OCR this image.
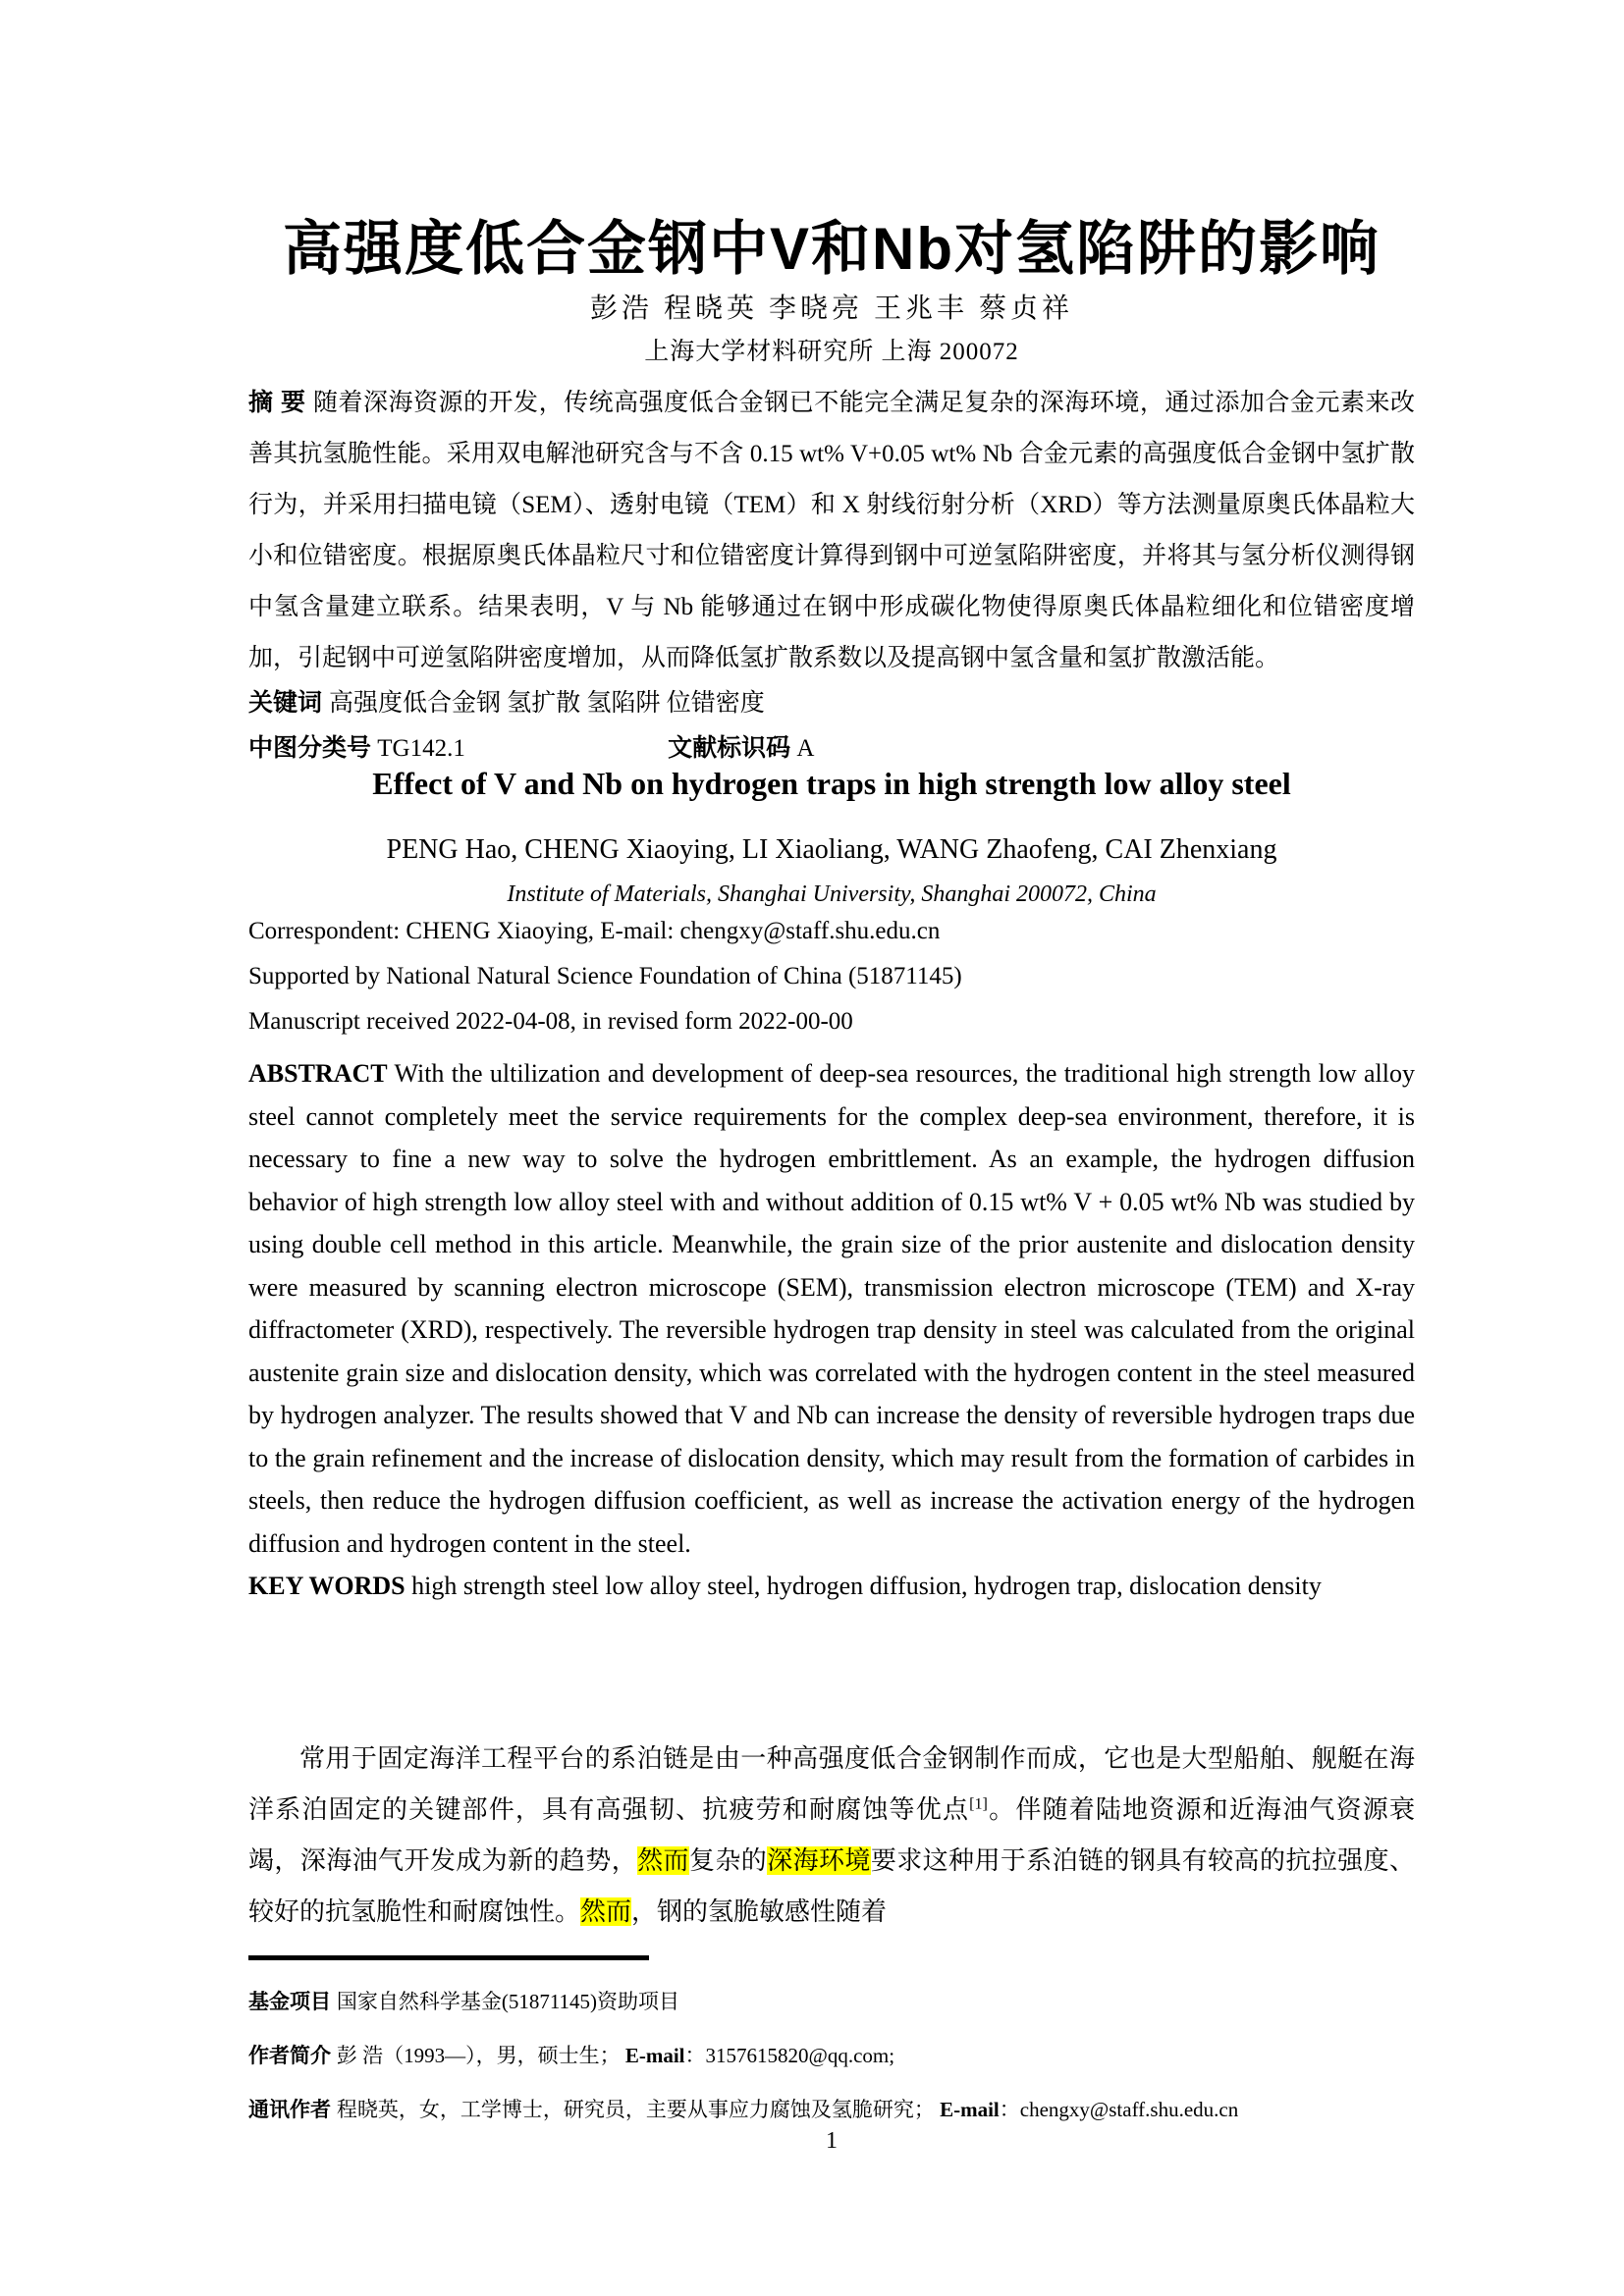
高强度低合金钢中V和Nb对氢陷阱的影响
彭浩 程晓英 李晓亮 王兆丰 蔡贞祥
上海大学材料研究所 上海 200072
摘 要 随着深海资源的开发，传统高强度低合金钢已不能完全满足复杂的深海环境，通过添加合金元素来改善其抗氢脆性能。采用双电解池研究含与不含 0.15 wt% V+0.05 wt% Nb 合金元素的高强度低合金钢中氢扩散行为，并采用扫描电镜（SEM）、透射电镜（TEM）和 X 射线衍射分析（XRD）等方法测量原奥氏体晶粒大小和位错密度。根据原奥氏体晶粒尺寸和位错密度计算得到钢中可逆氢陷阱密度，并将其与氢分析仪测得钢中氢含量建立联系。结果表明，V 与 Nb 能够通过在钢中形成碳化物使得原奥氏体晶粒细化和位错密度增加，引起钢中可逆氢陷阱密度增加，从而降低氢扩散系数以及提高钢中氢含量和氢扩散激活能。
关键词 高强度低合金钢 氢扩散 氢陷阱 位错密度
中图分类号 TG142.1	文献标识码 A
Effect of V and Nb on hydrogen traps in high strength low alloy steel
PENG Hao, CHENG Xiaoying, LI Xiaoliang, WANG Zhaofeng, CAI Zhenxiang
Institute of Materials, Shanghai University, Shanghai 200072, China
Correspondent: CHENG Xiaoying, E-mail: chengxy@staff.shu.edu.cn
Supported by National Natural Science Foundation of China (51871145)
Manuscript received 2022-04-08, in revised form 2022-00-00

ABSTRACT With the ultilization and development of deep-sea resources, the traditional high strength low alloy steel cannot completely meet the service requirements for the complex deep-sea environment, therefore, it is necessary to fine a new way to solve the hydrogen embrittlement. As an example, the hydrogen diffusion behavior of high strength low alloy steel with and without addition of 0.15 wt% V + 0.05 wt% Nb was studied by using double cell method in this article. Meanwhile, the grain size of the prior austenite and dislocation density were measured by scanning electron microscope (SEM), transmission electron microscope (TEM) and X-ray diffractometer (XRD), respectively. The reversible hydrogen trap density in steel was calculated from the original austenite grain size and dislocation density, which was correlated with the hydrogen content in the steel measured by hydrogen analyzer. The results showed that V and Nb can increase the density of reversible hydrogen traps due to the grain refinement and the increase of dislocation density, which may result from the formation of carbides in steels, then reduce the hydrogen diffusion coefficient, as well as increase the activation energy of the hydrogen diffusion and hydrogen content in the steel.

KEY WORDS high strength steel low alloy steel, hydrogen diffusion, hydrogen trap, dislocation density

常用于固定海洋工程平台的系泊链是由一种高强度低合金钢制作而成，它也是大型船舶、舰艇在海洋系泊固定的关键部件，具有高强韧、抗疲劳和耐腐蚀等优点[1]。伴随着陆地资源和近海油气资源衰竭，深海油气开发成为新的趋势，然而复杂的深海环境要求这种用于系泊链的钢具有较高的抗拉强度、较好的抗氢脆性和耐腐蚀性。然而，钢的氢脆敏感性随着
基金项目 国家自然科学基金(51871145)资助项目
作者简介 彭 浩（1993—），男，硕士生； E-mail：3157615820@qq.com;
通讯作者 程晓英，女，工学博士，研究员，主要从事应力腐蚀及氢脆研究； E-mail：chengxy@staff.shu.edu.cn
1
